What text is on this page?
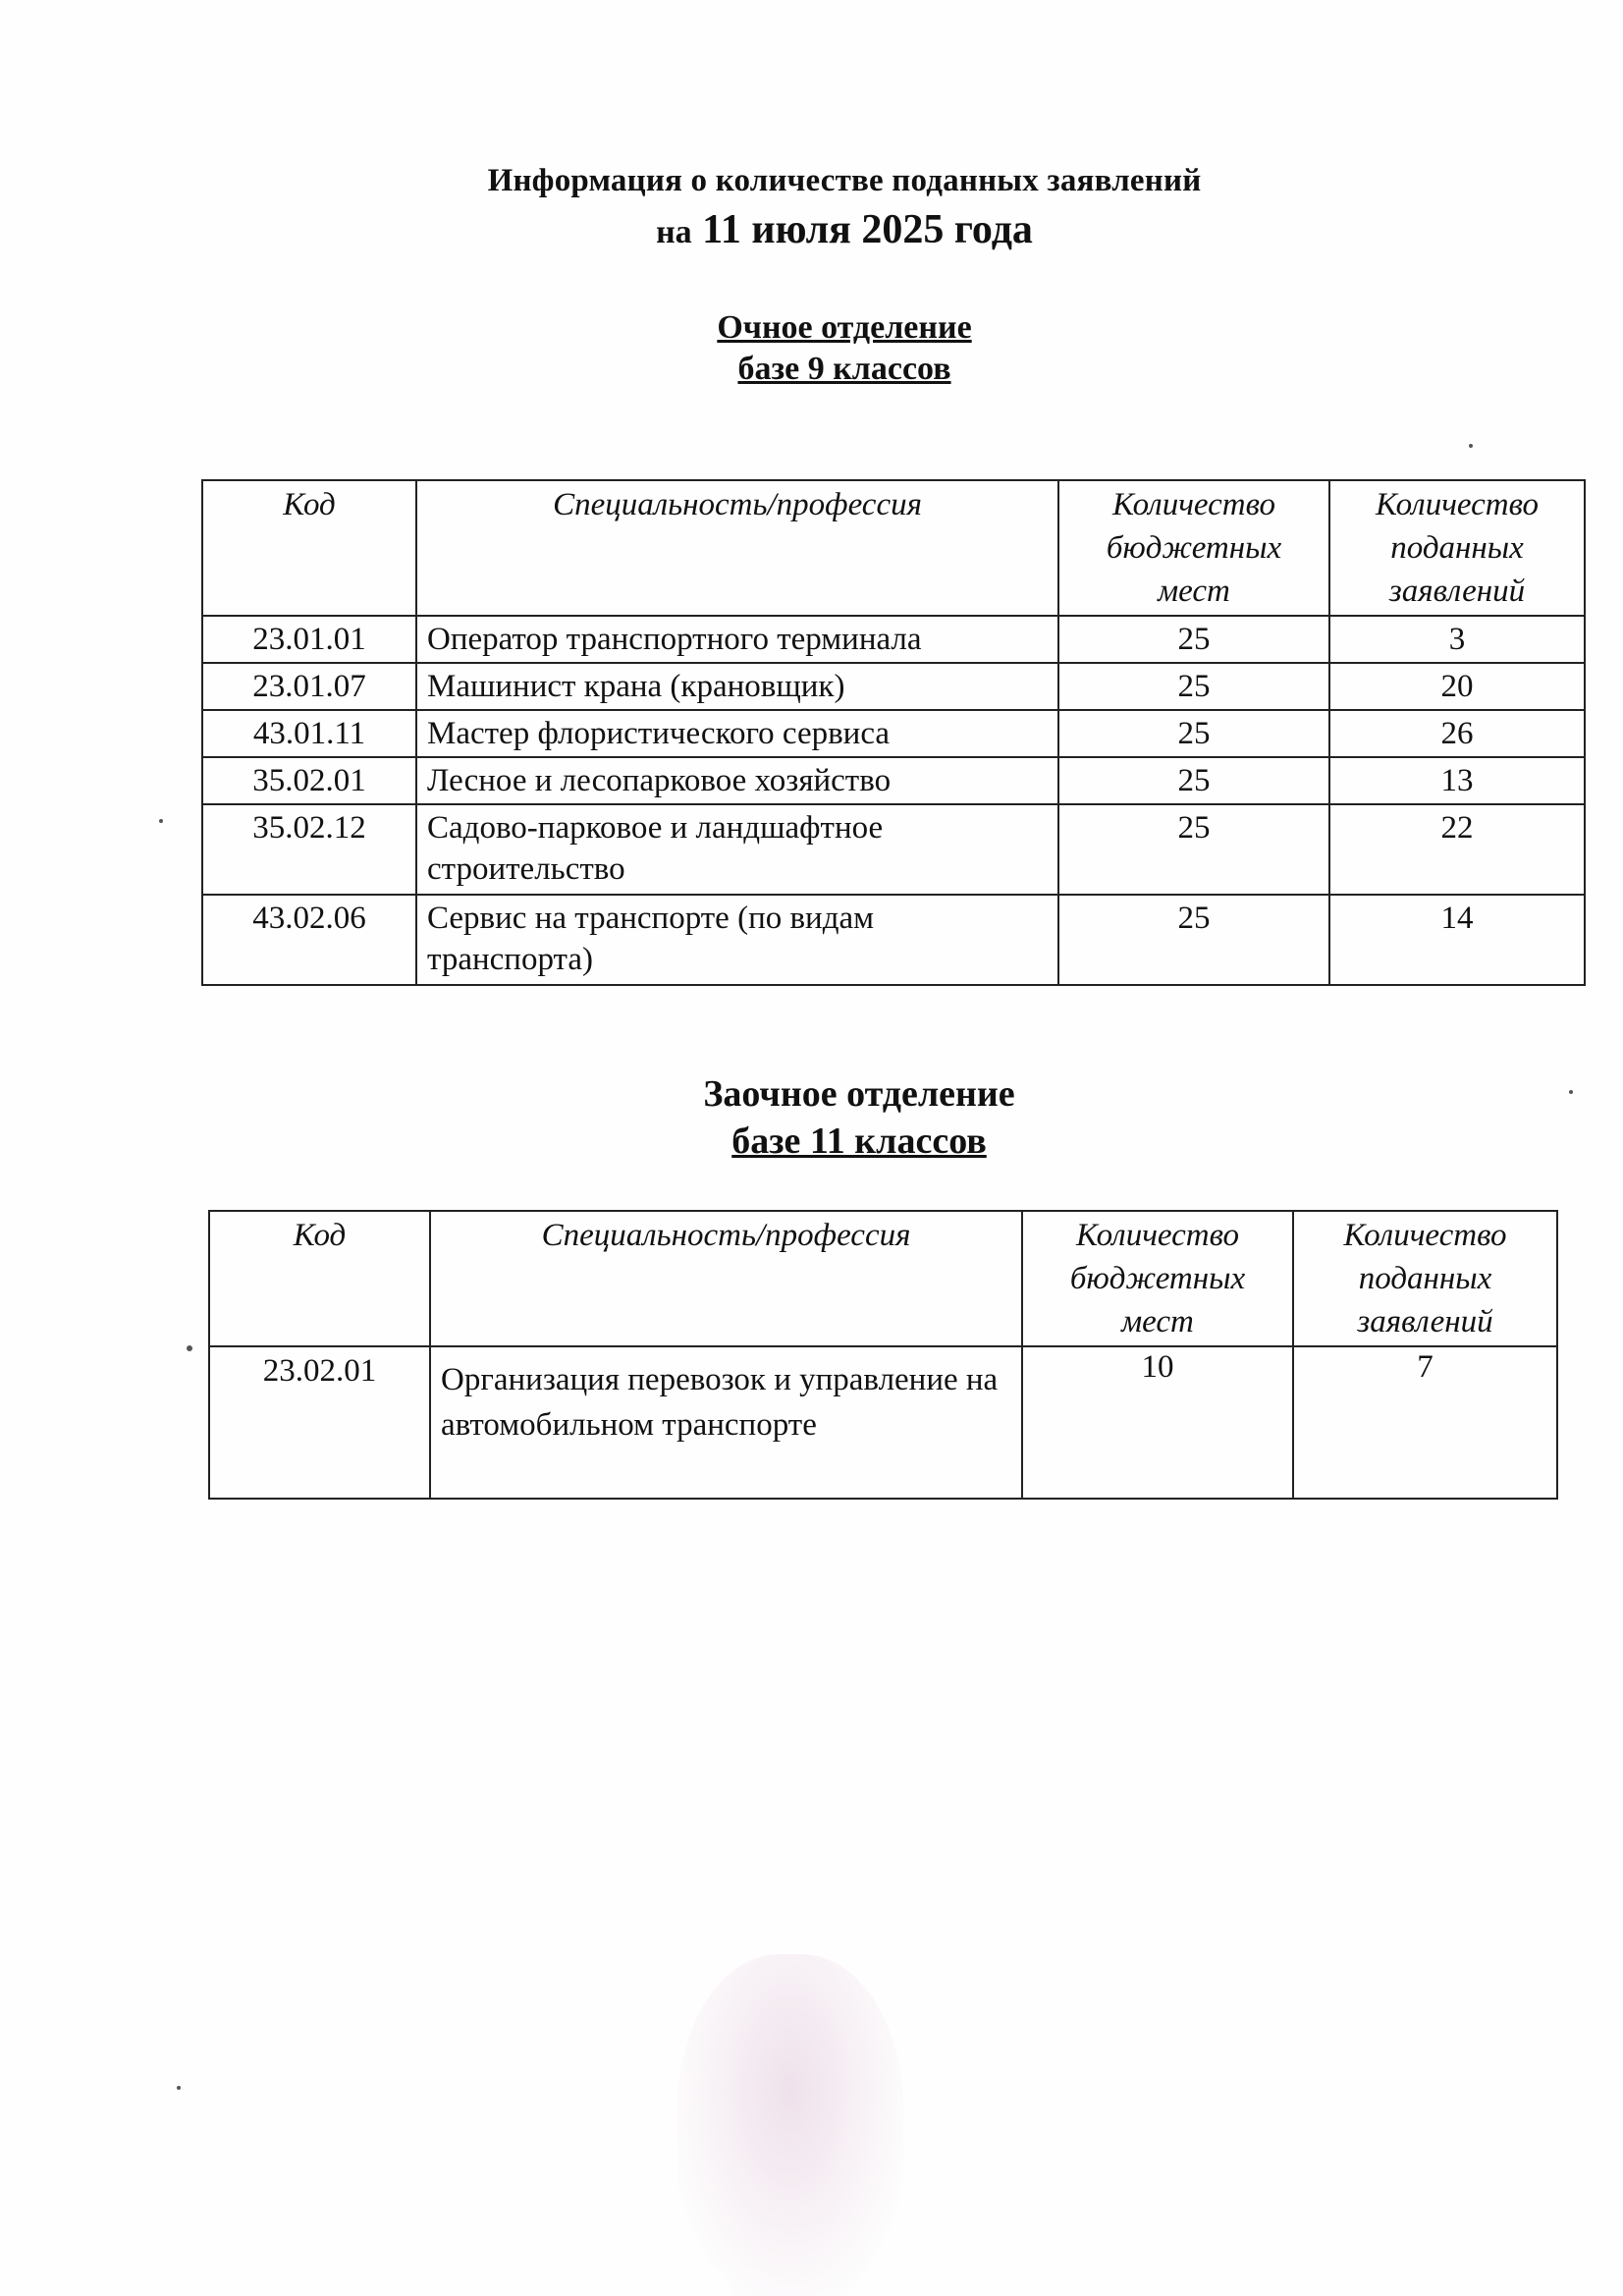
Информация о количестве поданных заявлений
на 11 июля 2025 года
Очное отделение
базе 9 классов
Код	Специальность/профессия	Количество бюджетных мест	Количество поданных заявлений
23.01.01	Оператор транспортного терминала	25	3
23.01.07	Машинист крана (крановщик)	25	20
43.01.11	Мастер флористического сервиса	25	26
35.02.01	Лесное и лесопарковое хозяйство	25	13
35.02.12	Садово-парковое и ландшафтное строительство	25	22
43.02.06	Сервис на транспорте (по видам транспорта)	25	14
Заочное отделение
базе 11 классов
Код	Специальность/профессия	Количество бюджетных мест	Количество поданных заявлений
23.02.01	Организация перевозок и управление на автомобильном транспорте	10	7
